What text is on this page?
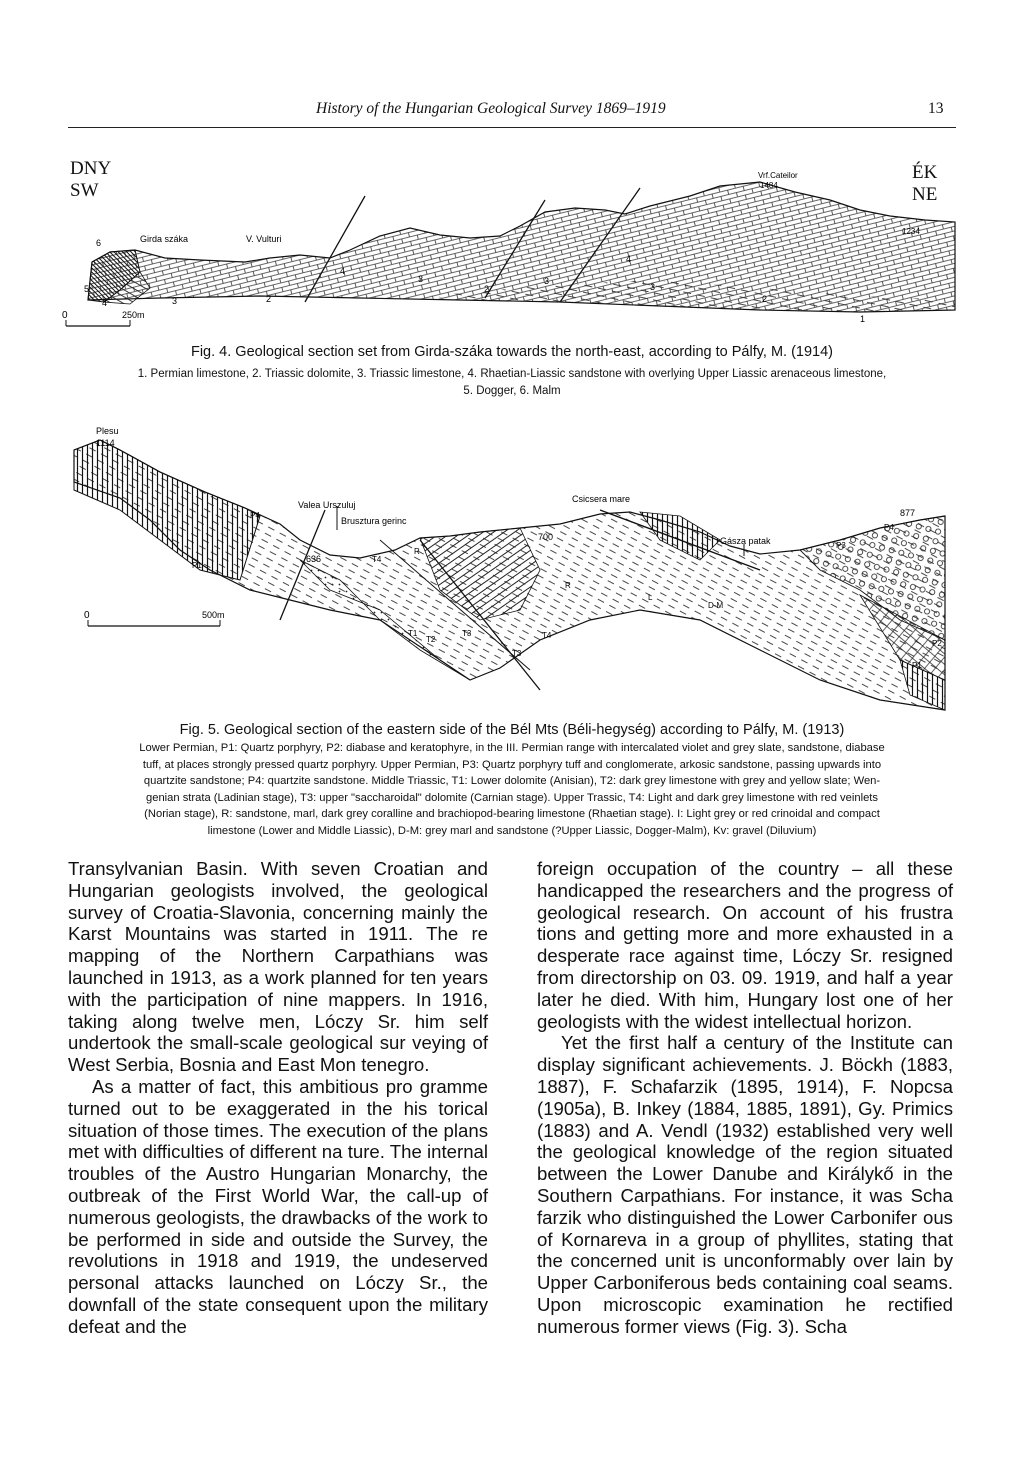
History of the Hungarian Geological Survey 1869–1919	13
DNY
SW
ÉK
NE
0	250m
Girda száka	V. Vulturi
Vrf.Cateilor
1484
1234
6
5
4	3	2
4
3
2
3
4
3
2
1
Fig. 4. Geological section set from Girda-száka towards the north-east, according to Pálfy, M. (1914)
1. Permian limestone, 2. Triassic dolomite, 3. Triassic limestone, 4. Rhaetian-Liassic sandstone with overlying Upper Liassic arenaceous limestone,
5. Dogger, 6. Malm
0	500m
Plesu
1114
Valea Urszuluj
Brusztura gerinc
Csicsera mare
Gásza patak
877
700
636
P4
P1
T4
R
R
T1
T2
T3	T4
T3
L
D-M
P3
P4
P1
P2
Fig. 5. Geological section of the eastern side of the Bél Mts (Béli-hegység) according to Pálfy, M. (1913)
Lower Permian, P1: Quartz porphyry, P2: diabase and keratophyre, in the III. Permian range with intercalated violet and grey slate, sandstone, diabase
tuff, at places strongly pressed quartz porphyry. Upper Permian, P3: Quartz porphyry tuff and conglomerate, arkosic sandstone, passing upwards into
quartzite sandstone; P4: quartzite sandstone. Middle Triassic, T1: Lower dolomite (Anisian), T2: dark grey limestone with grey and yellow slate; Wen-
genian strata (Ladinian stage), T3: upper "saccharoidal" dolomite (Carnian stage). Upper Trassic, T4: Light and dark grey limestone with red veinlets
(Norian stage), R: sandstone, marl, dark grey coralline and brachiopod-bearing limestone (Rhaetian stage). I: Light grey or red crinoidal and compact
limestone (Lower and Middle Liassic), D-M: grey marl and sandstone (?Upper Liassic, Dogger-Malm), Kv: gravel (Diluvium)

Transylvanian Basin. With seven Croatian and Hungarian geologists involved, the geological survey of Croatia-Slavonia, concerning mainly the Karst Mountains was started in 1911. The re mapping of the Northern Carpathians was launched in 1913, as a work planned for ten years with the participation of nine mappers. In 1916, taking along twelve men, Lóczy Sr. him self undertook the small-scale geological sur veying of West Serbia, Bosnia and East Mon tenegro.

As a matter of fact, this ambitious pro gramme turned out to be exaggerated in the his torical situation of those times. The execution of the plans met with difficulties of different na ture. The internal troubles of the Austro Hungarian Monarchy, the outbreak of the First World War, the call-up of numerous geologists, the drawbacks of the work to be performed in side and outside the Survey, the revolutions in 1918 and 1919, the undeserved personal attacks launched on Lóczy Sr., the downfall of the state consequent upon the military defeat and the

foreign occupation of the country – all these handicapped the researchers and the progress of geological research. On account of his frustra tions and getting more and more exhausted in a desperate race against time, Lóczy Sr. resigned from directorship on 03. 09. 1919, and half a year later he died. With him, Hungary lost one of her geologists with the widest intellectual horizon.

Yet the first half a century of the Institute can display significant achievements. J. Böckh (1883, 1887), F. Schafarzik (1895, 1914), F. Nopcsa (1905a), B. Inkey (1884, 1885, 1891), Gy. Primics (1883) and A. Vendl (1932) established very well the geological knowledge of the region situated between the Lower Danube and Királykő in the Southern Carpathians. For instance, it was Scha farzik who distinguished the Lower Carbonifer ous of Kornareva in a group of phyllites, stating that the concerned unit is unconformably over lain by Upper Carboniferous beds containing coal seams. Upon microscopic examination he rectified numerous former views (Fig. 3). Scha
